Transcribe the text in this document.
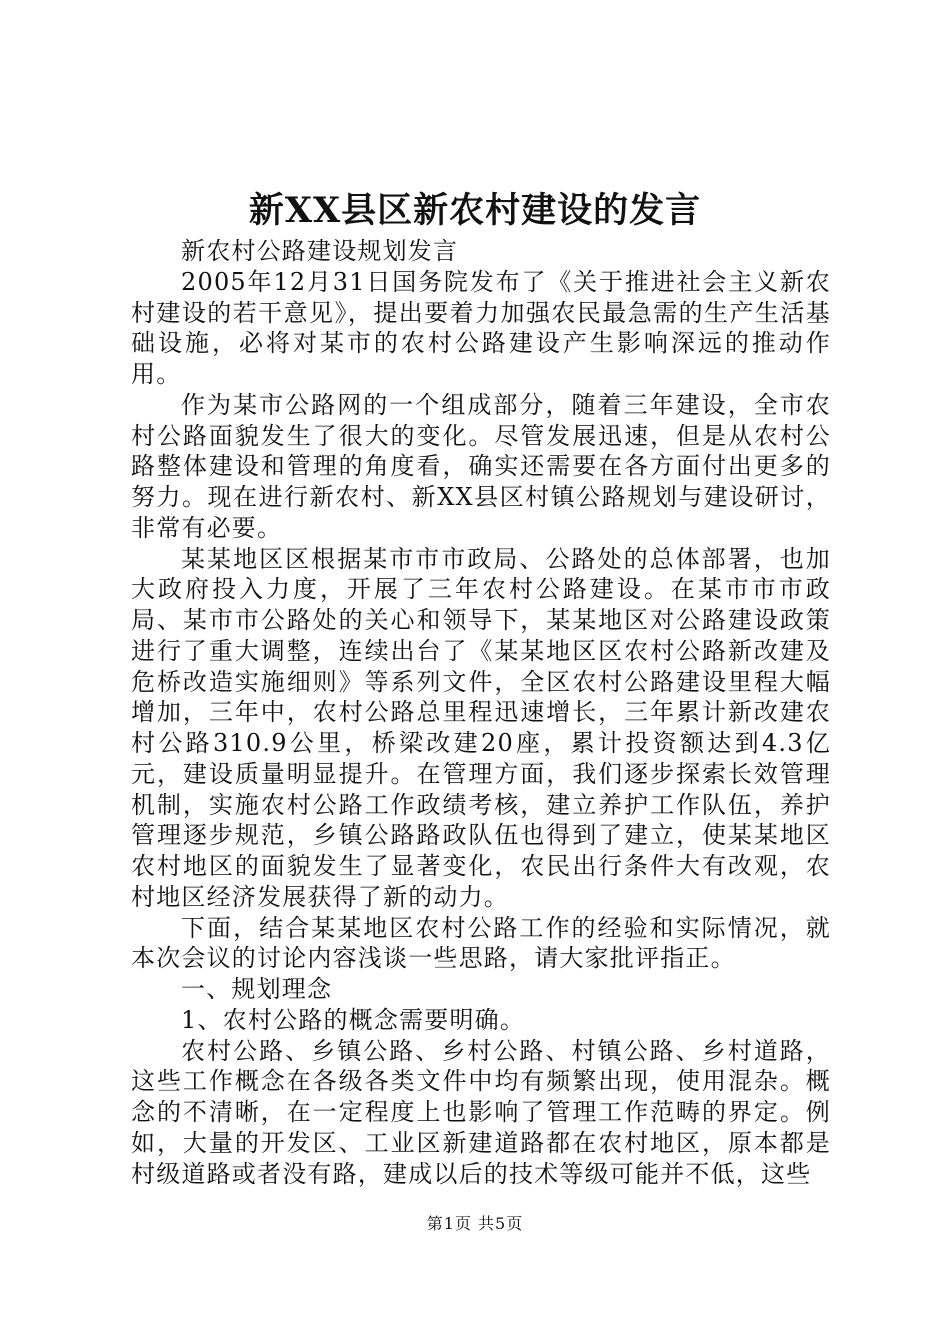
新XX县区新农村建设的发言

新农村公路建设规划发言

2005年12月31日国务院发布了《关于推进社会主义新农村建设的若干意见》，提出要着力加强农民最急需的生产生活基础设施，必将对某市的农村公路建设产生影响深远的推动作用。

作为某市公路网的一个组成部分，随着三年建设，全市农村公路面貌发生了很大的变化。尽管发展迅速，但是从农村公路整体建设和管理的角度看，确实还需要在各方面付出更多的努力。现在进行新农村、新XX县区村镇公路规划与建设研讨，非常有必要。

某某地区区根据某市市市政局、公路处的总体部署，也加大政府投入力度，开展了三年农村公路建设。在某市市市政局、某市市公路处的关心和领导下，某某地区对公路建设政策进行了重大调整，连续出台了《某某地区区农村公路新改建及危桥改造实施细则》等系列文件，全区农村公路建设里程大幅增加，三年中，农村公路总里程迅速增长，三年累计新改建农村公路310.9公里，桥梁改建20座，累计投资额达到4.3亿元，建设质量明显提升。在管理方面，我们逐步探索长效管理机制，实施农村公路工作政绩考核，建立养护工作队伍，养护管理逐步规范，乡镇公路路政队伍也得到了建立，使某某地区农村地区的面貌发生了显著变化，农民出行条件大有改观，农村地区经济发展获得了新的动力。

下面，结合某某地区农村公路工作的经验和实际情况，就本次会议的讨论内容浅谈一些思路，请大家批评指正。

一、规划理念

1、农村公路的概念需要明确。

农村公路、乡镇公路、乡村公路、村镇公路、乡村道路，这些工作概念在各级各类文件中均有频繁出现，使用混杂。概念的不清晰，在一定程度上也影响了管理工作范畴的界定。例如，大量的开发区、工业区新建道路都在农村地区，原本都是村级道路或者没有路，建成以后的技术等级可能并不低，这些

第1页 共5页
